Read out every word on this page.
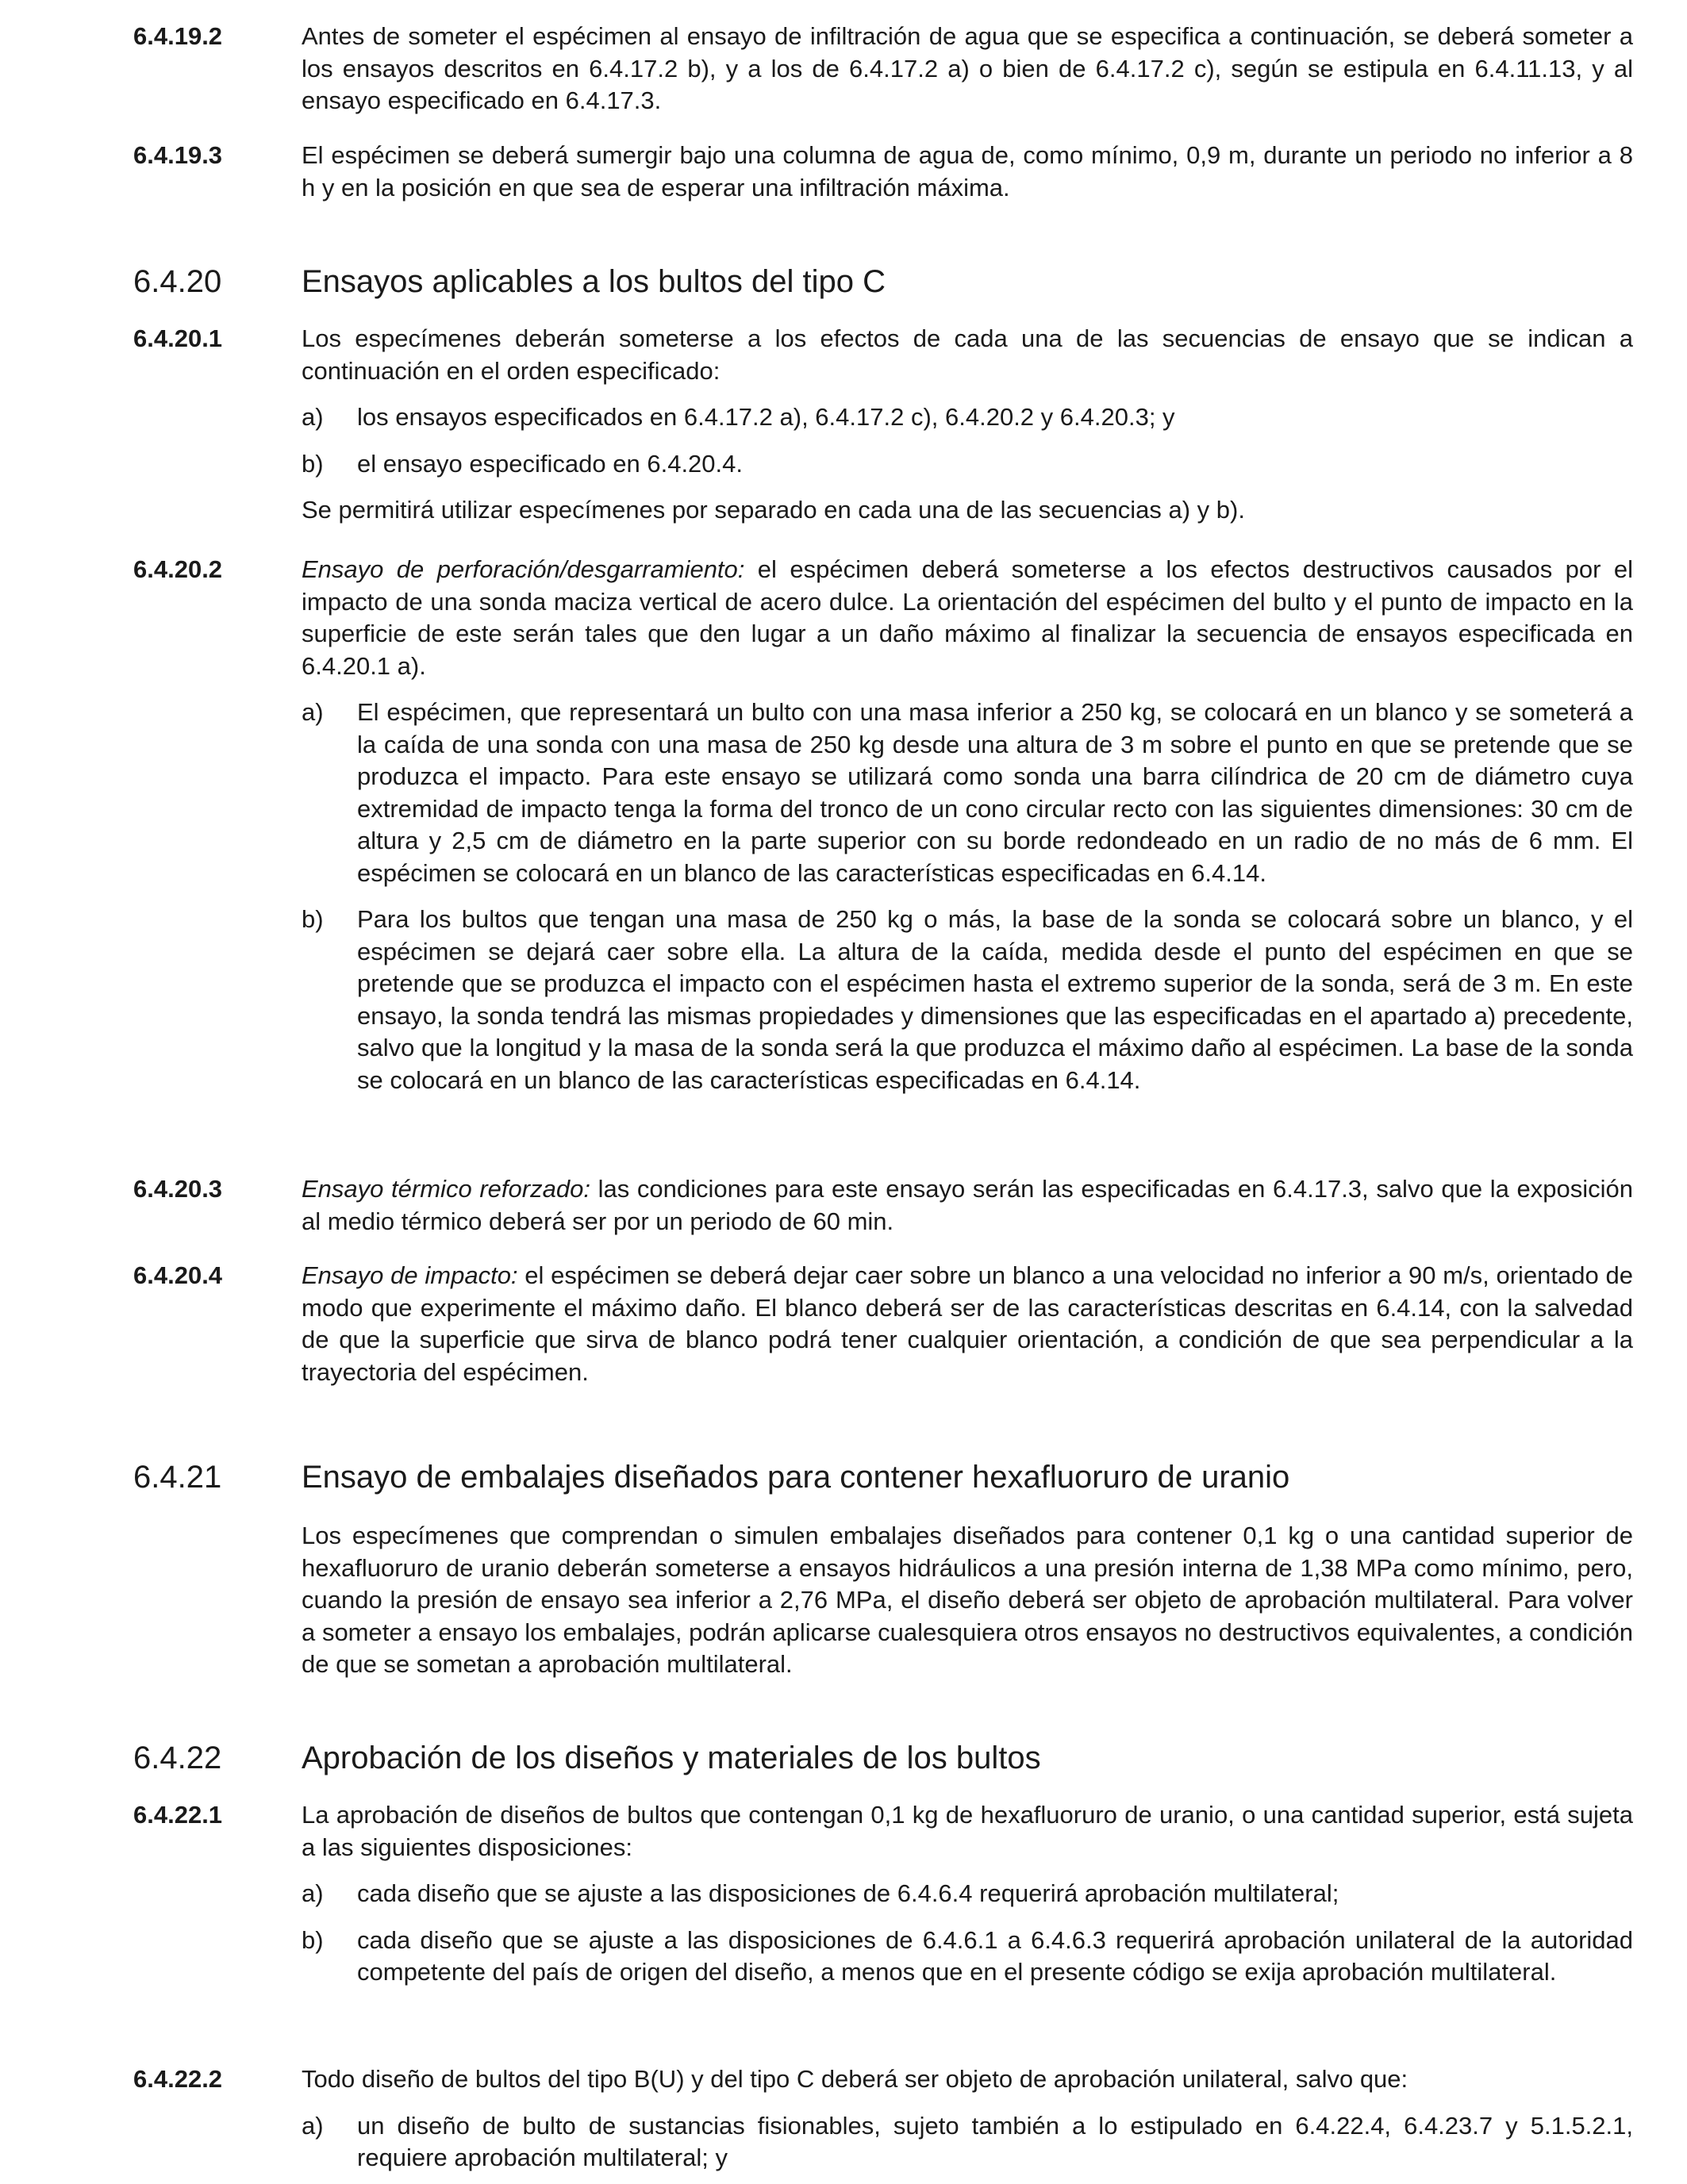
6.4.19.2	Antes de someter el espécimen al ensayo de infiltración de agua que se especifica a continuación, se deberá someter a los ensayos descritos en 6.4.17.2 b), y a los de 6.4.17.2 a) o bien de 6.4.17.2 c), según se estipula en 6.4.11.13, y al ensayo especificado en 6.4.17.3.
6.4.19.3	El espécimen se deberá sumergir bajo una columna de agua de, como mínimo, 0,9 m, durante un periodo no inferior a 8 h y en la posición en que sea de esperar una infiltración máxima.
6.4.20	Ensayos aplicables a los bultos del tipo C
6.4.20.1	Los especímenes deberán someterse a los efectos de cada una de las secuencias de ensayo que se indican a continuación en el orden especificado:
a)	los ensayos especificados en 6.4.17.2 a), 6.4.17.2 c), 6.4.20.2 y 6.4.20.3; y
b)	el ensayo especificado en 6.4.20.4.
Se permitirá utilizar especímenes por separado en cada una de las secuencias a) y b).
6.4.20.2	Ensayo de perforación/desgarramiento: el espécimen deberá someterse a los efectos destructivos causados por el impacto de una sonda maciza vertical de acero dulce. La orientación del espécimen del bulto y el punto de impacto en la superficie de este serán tales que den lugar a un daño máximo al finalizar la secuencia de ensayos especificada en 6.4.20.1 a).
a)	El espécimen, que representará un bulto con una masa inferior a 250 kg, se colocará en un blanco y se someterá a la caída de una sonda con una masa de 250 kg desde una altura de 3 m sobre el punto en que se pretende que se produzca el impacto. Para este ensayo se utilizará como sonda una barra cilíndrica de 20 cm de diámetro cuya extremidad de impacto tenga la forma del tronco de un cono circular recto con las siguientes dimensiones: 30 cm de altura y 2,5 cm de diámetro en la parte superior con su borde redondeado en un radio de no más de 6 mm. El espécimen se colocará en un blanco de las características especificadas en 6.4.14.
b)	Para los bultos que tengan una masa de 250 kg o más, la base de la sonda se colocará sobre un blanco, y el espécimen se dejará caer sobre ella. La altura de la caída, medida desde el punto del espécimen en que se pretende que se produzca el impacto con el espécimen hasta el extremo superior de la sonda, será de 3 m. En este ensayo, la sonda tendrá las mismas propiedades y dimensiones que las especificadas en el apartado a) precedente, salvo que la longitud y la masa de la sonda será la que produzca el máximo daño al espécimen. La base de la sonda se colocará en un blanco de las características especificadas en 6.4.14.
6.4.20.3	Ensayo térmico reforzado: las condiciones para este ensayo serán las especificadas en 6.4.17.3, salvo que la exposición al medio térmico deberá ser por un periodo de 60 min.
6.4.20.4	Ensayo de impacto: el espécimen se deberá dejar caer sobre un blanco a una velocidad no inferior a 90 m/s, orientado de modo que experimente el máximo daño. El blanco deberá ser de las características descritas en 6.4.14, con la salvedad de que la superficie que sirva de blanco podrá tener cualquier orientación, a condición de que sea perpendicular a la trayectoria del espécimen.
6.4.21	Ensayo de embalajes diseñados para contener hexafluoruro de uranio
Los especímenes que comprendan o simulen embalajes diseñados para contener 0,1 kg o una cantidad superior de hexafluoruro de uranio deberán someterse a ensayos hidráulicos a una presión interna de 1,38 MPa como mínimo, pero, cuando la presión de ensayo sea inferior a 2,76 MPa, el diseño deberá ser objeto de aprobación multilateral. Para volver a someter a ensayo los embalajes, podrán aplicarse cualesquiera otros ensayos no destructivos equivalentes, a condición de que se sometan a aprobación multilateral.
6.4.22	Aprobación de los diseños y materiales de los bultos
6.4.22.1	La aprobación de diseños de bultos que contengan 0,1 kg de hexafluoruro de uranio, o una cantidad superior, está sujeta a las siguientes disposiciones:
a)	cada diseño que se ajuste a las disposiciones de 6.4.6.4 requerirá aprobación multilateral;
b)	cada diseño que se ajuste a las disposiciones de 6.4.6.1 a 6.4.6.3 requerirá aprobación unilateral de la autoridad competente del país de origen del diseño, a menos que en el presente código se exija aprobación multilateral.
6.4.22.2	Todo diseño de bultos del tipo B(U) y del tipo C deberá ser objeto de aprobación unilateral, salvo que:
a)	un diseño de bulto de sustancias fisionables, sujeto también a lo estipulado en 6.4.22.4, 6.4.23.7 y 5.1.5.2.1, requiere aprobación multilateral; y
